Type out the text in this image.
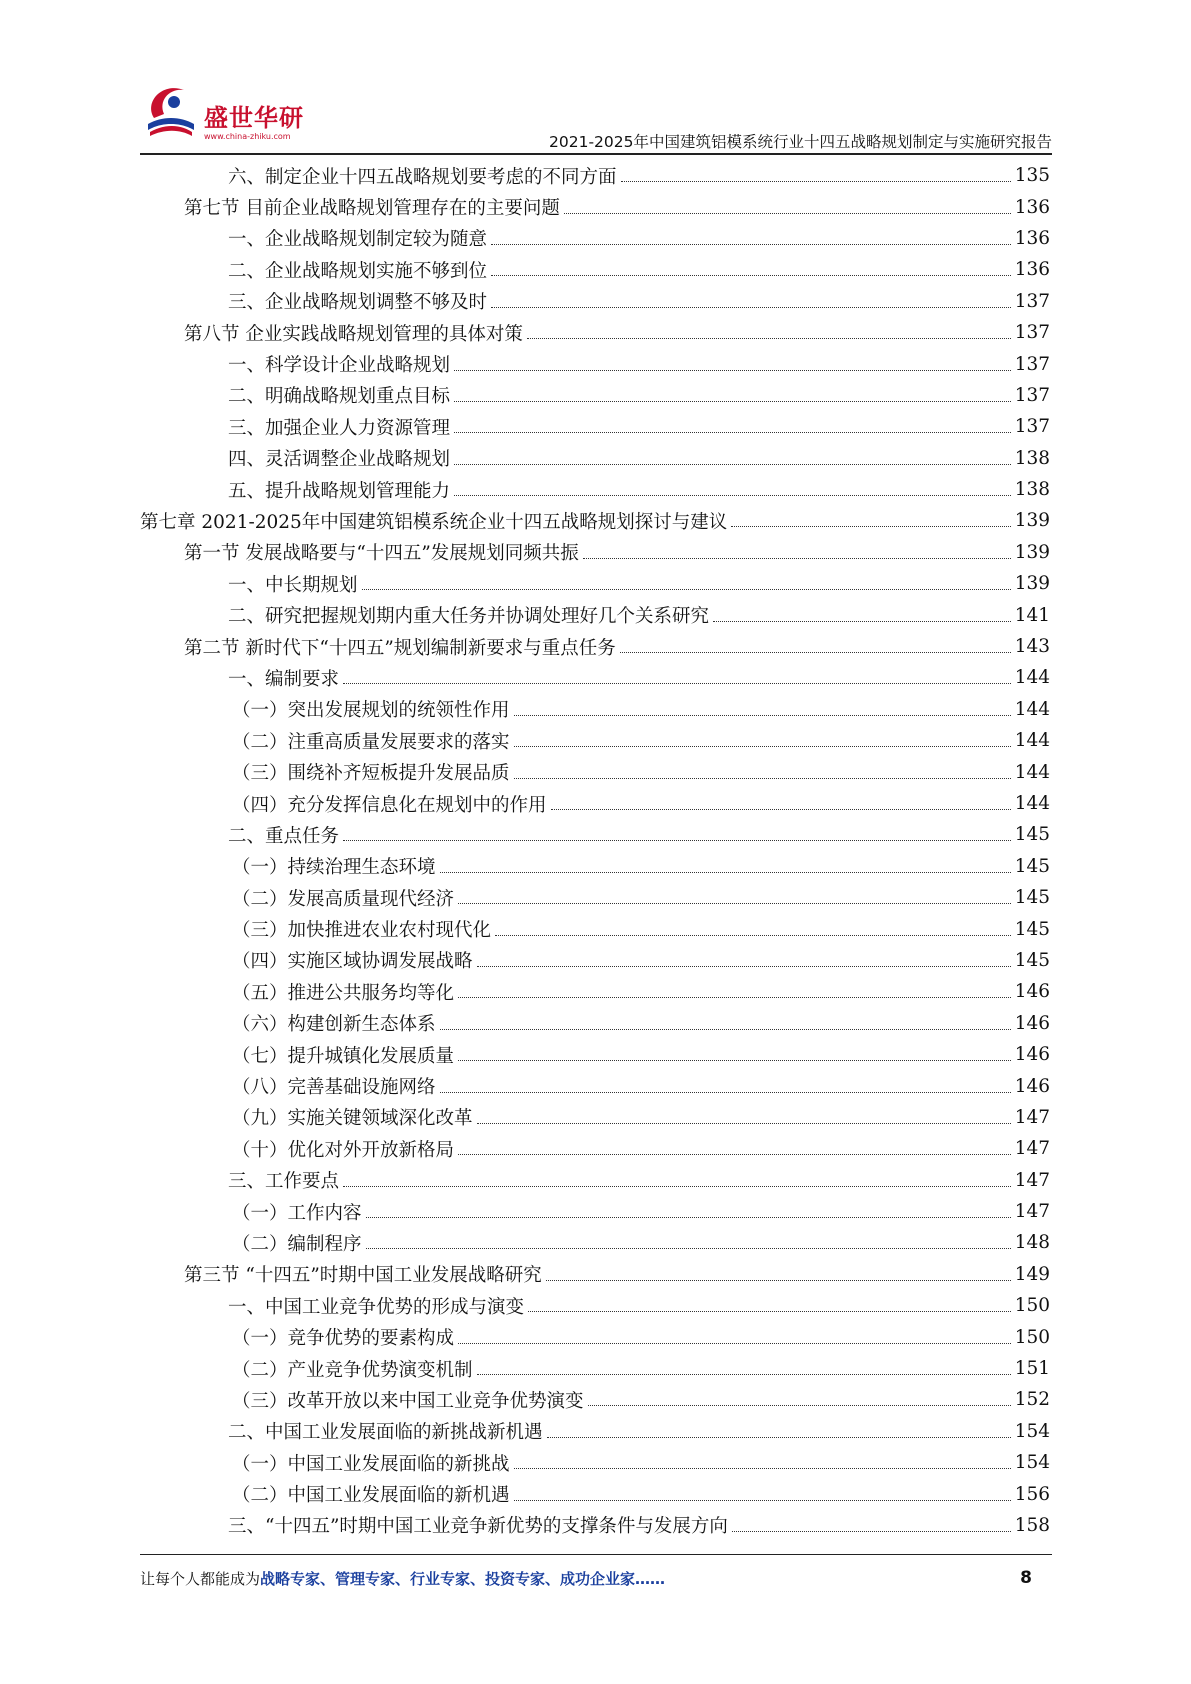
盛世华研
www.china-zhiku.com	2021-2025年中国建筑铝模系统行业十四五战略规划制定与实施研究报告
六、制定企业十四五战略规划要考虑的不同方面	135
第七节 目前企业战略规划管理存在的主要问题	136
一、企业战略规划制定较为随意	136
二、企业战略规划实施不够到位	136
三、企业战略规划调整不够及时	137
第八节 企业实践战略规划管理的具体对策	137
一、科学设计企业战略规划	137
二、明确战略规划重点目标	137
三、加强企业人力资源管理	137
四、灵活调整企业战略规划	138
五、提升战略规划管理能力	138
第七章 2021-2025年中国建筑铝模系统企业十四五战略规划探讨与建议	139
第一节 发展战略要与“十四五”发展规划同频共振	139
一、中长期规划	139
二、研究把握规划期内重大任务并协调处理好几个关系研究	141
第二节 新时代下“十四五”规划编制新要求与重点任务	143
一、编制要求	144
（一）突出发展规划的统领性作用	144
（二）注重高质量发展要求的落实	144
（三）围绕补齐短板提升发展品质	144
（四）充分发挥信息化在规划中的作用	144
二、重点任务	145
（一）持续治理生态环境	145
（二）发展高质量现代经济	145
（三）加快推进农业农村现代化	145
（四）实施区域协调发展战略	145
（五）推进公共服务均等化	146
（六）构建创新生态体系	146
（七）提升城镇化发展质量	146
（八）完善基础设施网络	146
（九）实施关键领域深化改革	147
（十）优化对外开放新格局	147
三、工作要点	147
（一）工作内容	147
（二）编制程序	148
第三节 “十四五”时期中国工业发展战略研究	149
一、中国工业竞争优势的形成与演变	150
（一）竞争优势的要素构成	150
（二）产业竞争优势演变机制	151
（三）改革开放以来中国工业竞争优势演变	152
二、中国工业发展面临的新挑战新机遇	154
（一）中国工业发展面临的新挑战	154
（二）中国工业发展面临的新机遇	156
三、“十四五”时期中国工业竞争新优势的支撑条件与发展方向	158
让每个人都能成为战略专家、管理专家、行业专家、投资专家、成功企业家……	8
